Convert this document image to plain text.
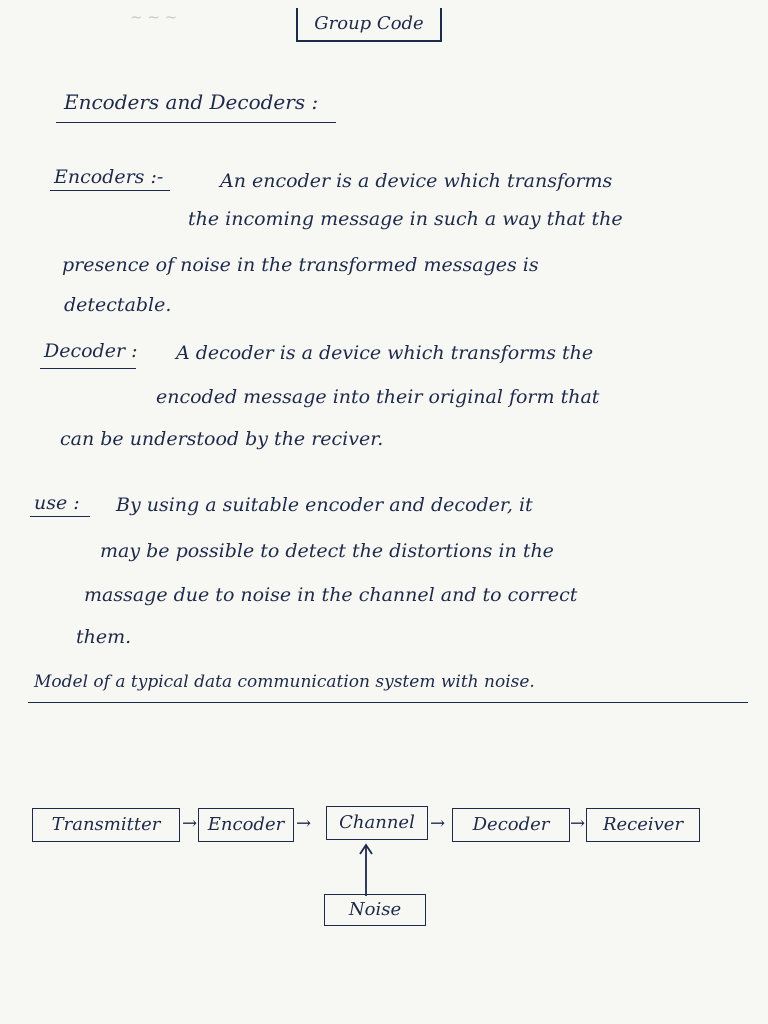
~ ~ ~	Group Code
Encoders and Decoders :
Encoders :-	An encoder is a device which transforms
the incoming message in such a way that the
presence of noise in the transformed messages is
detectable.
Decoder : A decoder is a device which transforms the
encoded message into their original form that
can be understood by the reciver.
use : By using a suitable encoder and decoder, it
may be possible to detect the distortions in the
massage due to noise in the channel and to correct
them.
Model of a typical data communication system with noise.
Transmitter	→ Encoder →	Channel →	Decoder	→ Receiver
Noise
